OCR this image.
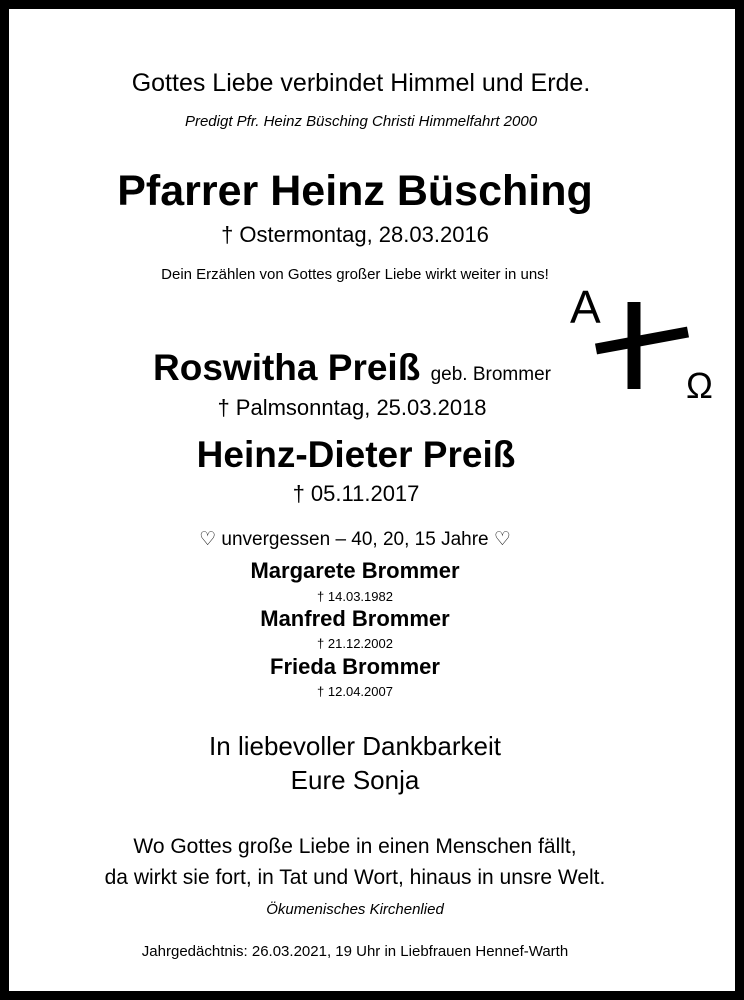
Gottes Liebe verbindet Himmel und Erde.
Predigt Pfr. Heinz Büsching Christi Himmelfahrt 2000
Pfarrer Heinz Büsching
† Ostermontag, 28.03.2016
Dein Erzählen von Gottes großer Liebe wirkt weiter in uns!
A
Ω
Roswitha Preiß geb. Brommer
† Palmsonntag, 25.03.2018
Heinz-Dieter Preiß
† 05.11.2017
♡ unvergessen – 40, 20, 15 Jahre ♡
Margarete Brommer
† 14.03.1982
Manfred Brommer
† 21.12.2002
Frieda Brommer
† 12.04.2007
In liebevoller Dankbarkeit
Eure Sonja
Wo Gottes große Liebe in einen Menschen fällt,
da wirkt sie fort, in Tat und Wort, hinaus in unsre Welt.
Ökumenisches Kirchenlied
Jahrgedächtnis: 26.03.2021, 19 Uhr in Liebfrauen Hennef-Warth
